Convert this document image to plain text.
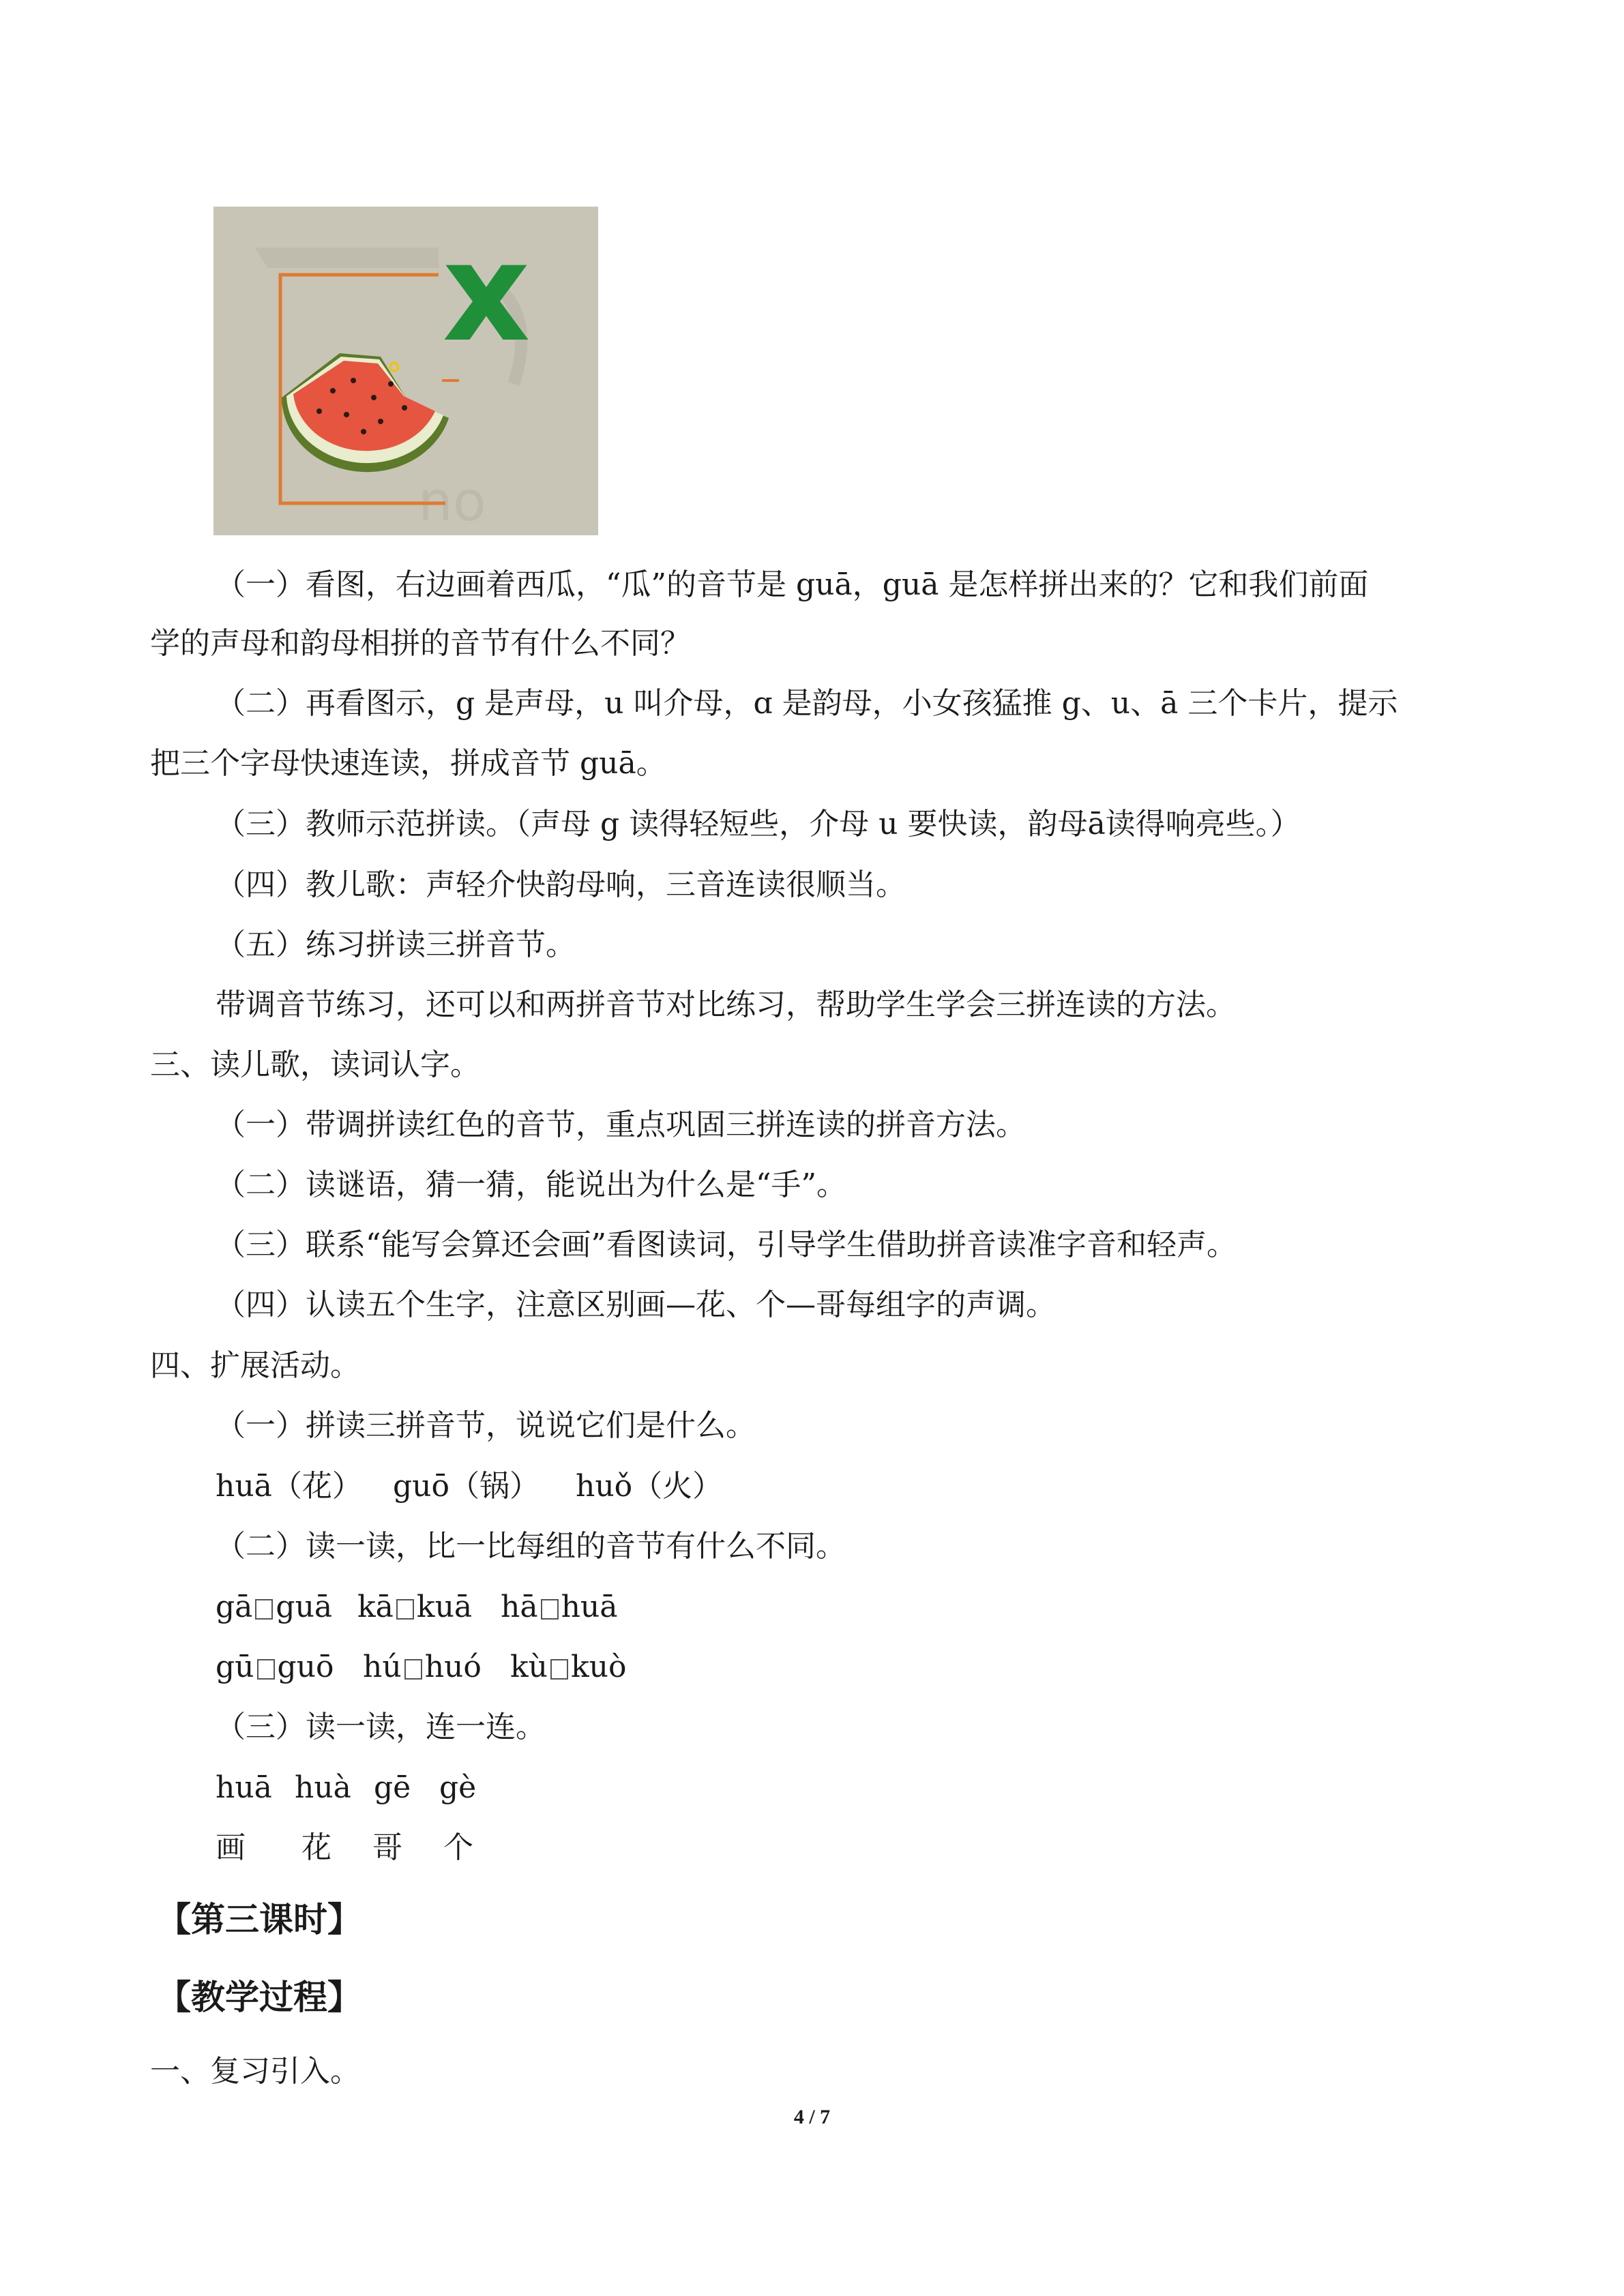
no
x
（一）看图，右边画着西瓜，“瓜”的音节是 guā，guā 是怎样拼出来的？它和我们前面
学的声母和韵母相拼的音节有什么不同？
（二）再看图示，g 是声母，u 叫介母，ɑ 是韵母，小女孩猛推 g、u、ā 三个卡片，提示
把三个字母快速连读，拼成音节 guā。
（三）教师示范拼读。（声母 g 读得轻短些，介母 u 要快读，韵母ā读得响亮些。）
（四）教儿歌：声轻介快韵母响，三音连读很顺当。
（五）练习拼读三拼音节。
带调音节练习，还可以和两拼音节对比练习，帮助学生学会三拼连读的方法。
三、读儿歌，读词认字。
（一）带调拼读红色的音节，重点巩固三拼连读的拼音方法。
（二）读谜语，猜一猜，能说出为什么是“手”。
（三）联系“能写会算还会画”看图读词，引导学生借助拼音读准字音和轻声。
（四）认读五个生字，注意区别画—花、个—哥每组字的声调。
四、扩展活动。
（一）拼读三拼音节，说说它们是什么。
huā（花）	guō（锅）	huǒ（火）
（二）读一读，比一比每组的音节有什么不同。
gā guā kā kuā hā huā
gū guō hú huó kù kuò
（三）读一读，连一连。
huā huà gē gè
画	花	哥	个
【第三课时】
【教学过程】
一、复习引入。
4 / 7
